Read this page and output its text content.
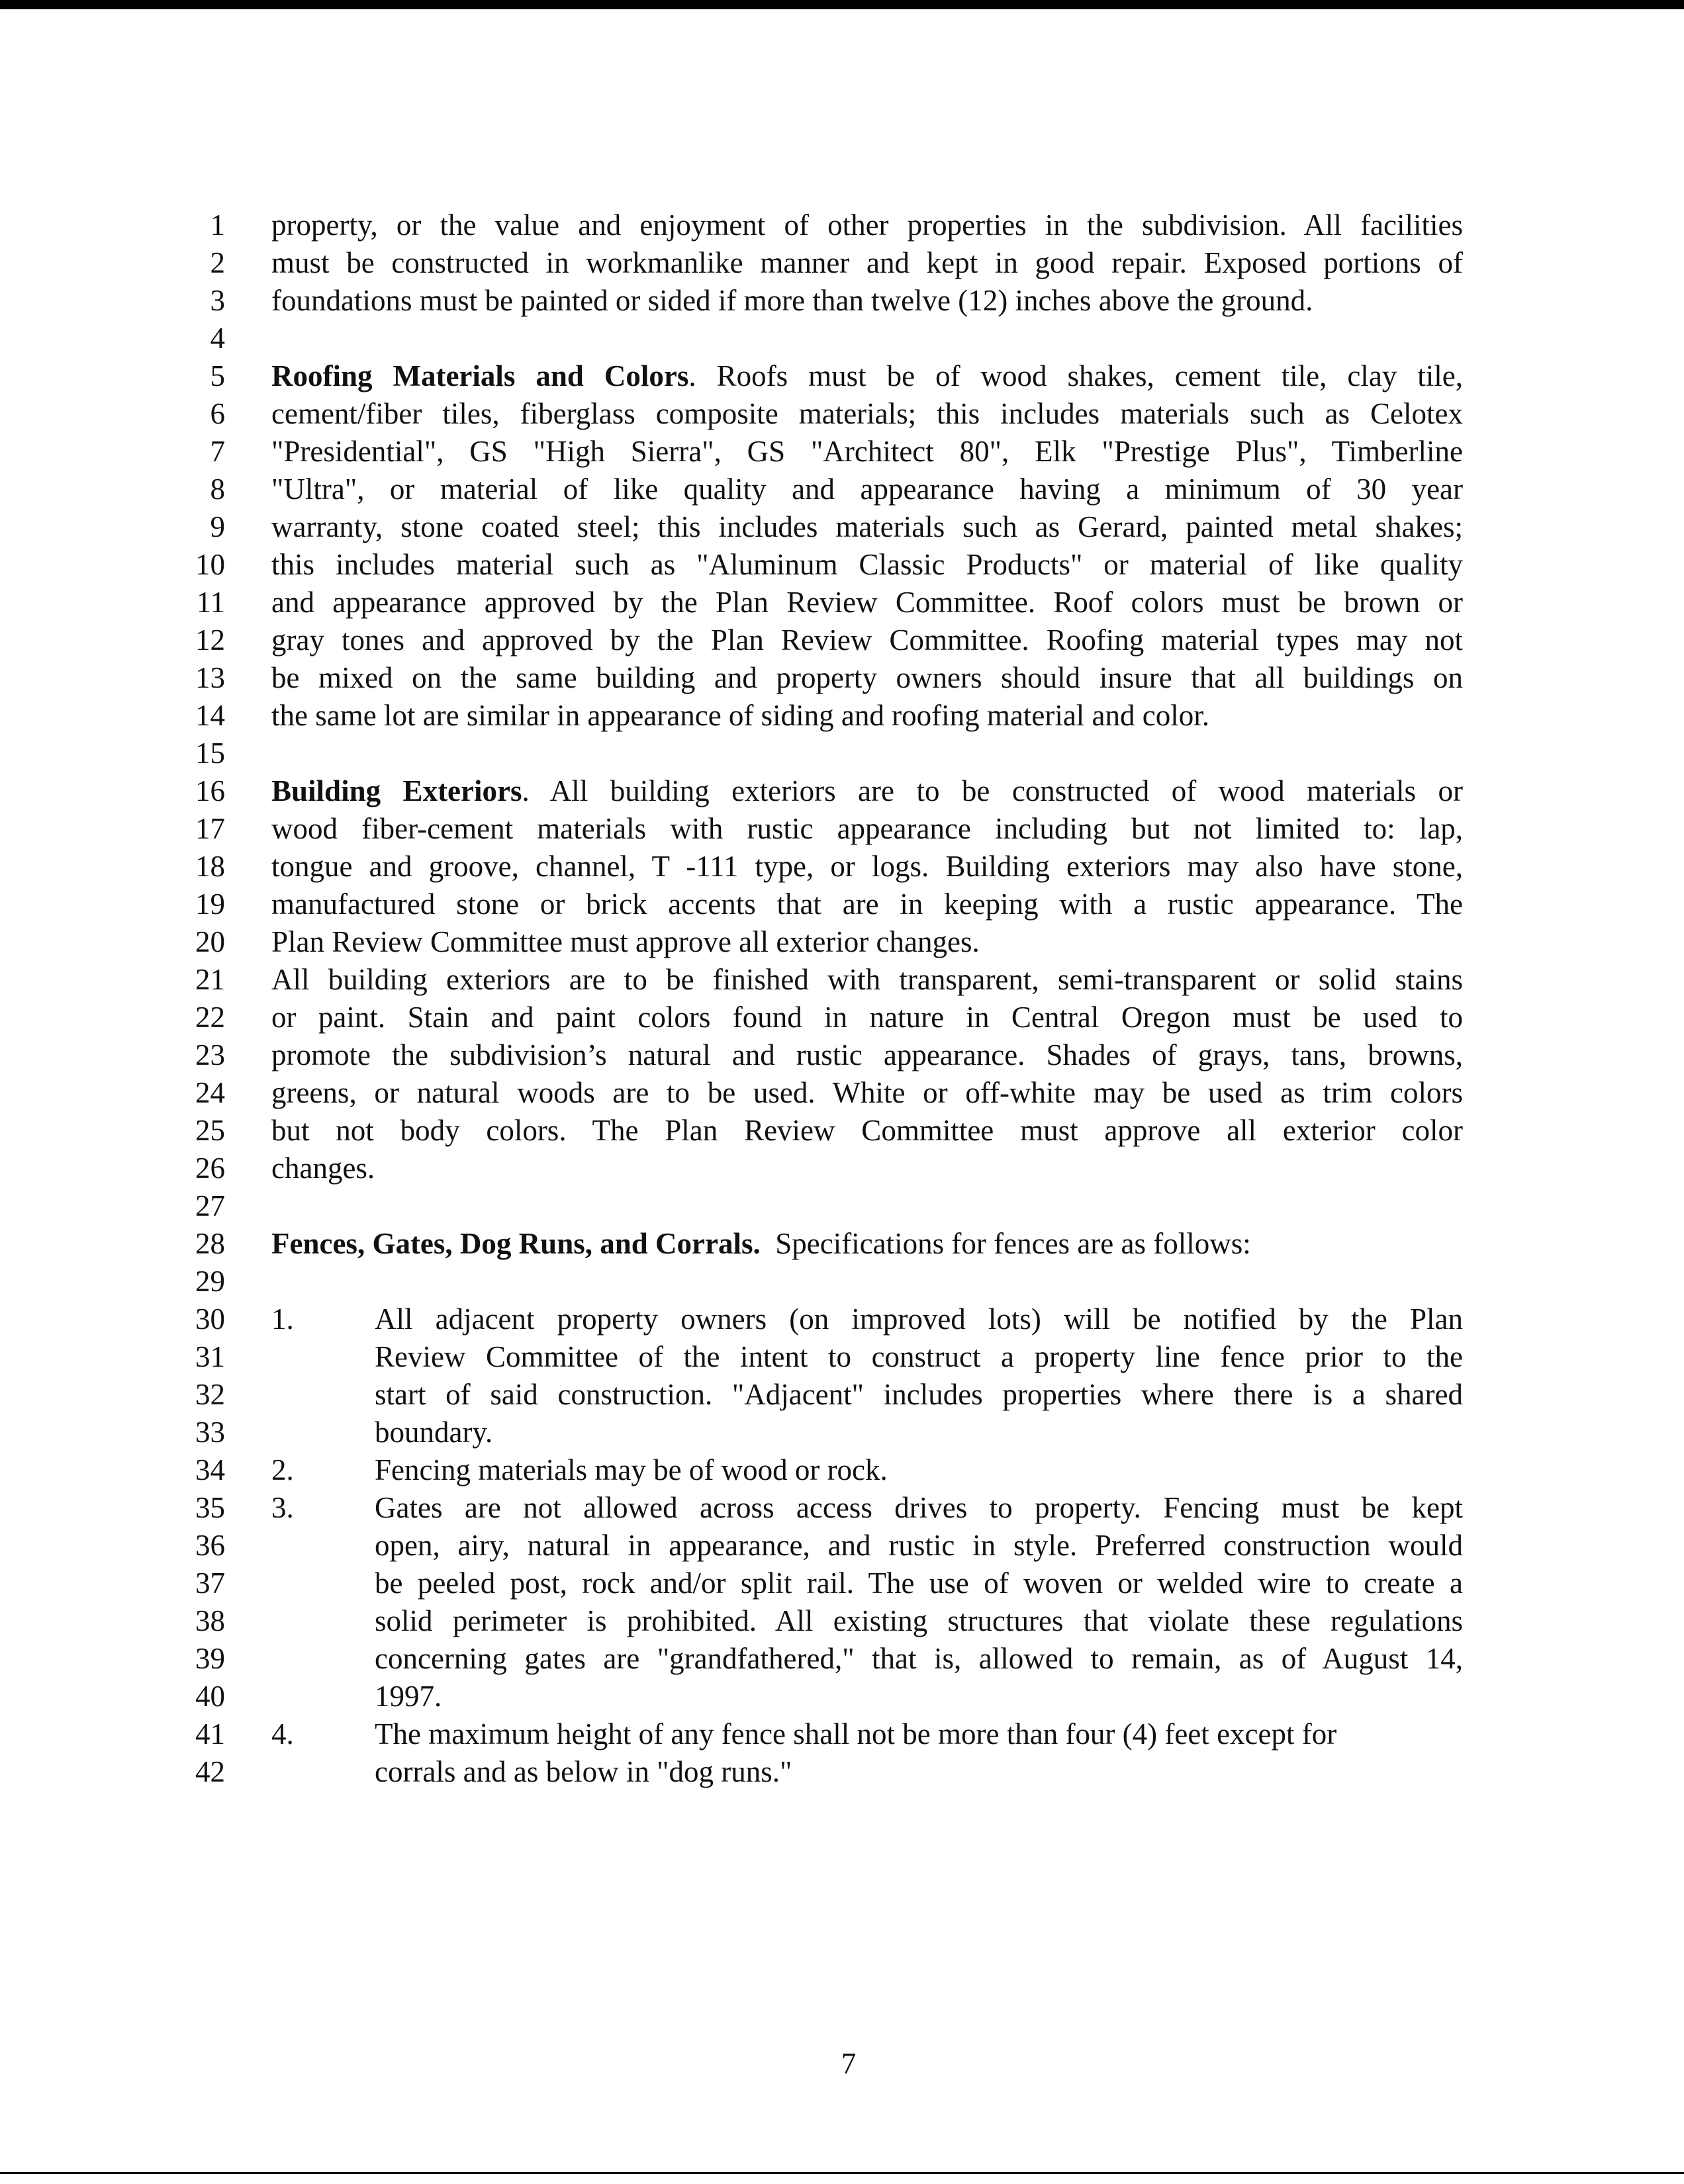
1 property, or the value and enjoyment of other properties in the subdivision. All facilities
2 must be constructed in workmanlike manner and kept in good repair. Exposed portions of
3 foundations must be painted or sided if more than twelve (12) inches above the ground.
4
5 Roofing Materials and Colors. Roofs must be of wood shakes, cement tile, clay tile,
6 cement/fiber tiles, fiberglass composite materials; this includes materials such as Celotex
7 "Presidential", GS "High Sierra", GS "Architect 80", Elk "Prestige Plus", Timberline
8 "Ultra", or material of like quality and appearance having a minimum of 30 year
9 warranty, stone coated steel; this includes materials such as Gerard, painted metal shakes;
10 this includes material such as "Aluminum Classic Products" or material of like quality
11 and appearance approved by the Plan Review Committee. Roof colors must be brown or
12 gray tones and approved by the Plan Review Committee. Roofing material types may not
13 be mixed on the same building and property owners should insure that all buildings on
14 the same lot are similar in appearance of siding and roofing material and color.
15
16 Building Exteriors. All building exteriors are to be constructed of wood materials or
17 wood fiber-cement materials with rustic appearance including but not limited to: lap,
18 tongue and groove, channel, T -111 type, or logs. Building exteriors may also have stone,
19 manufactured stone or brick accents that are in keeping with a rustic appearance. The
20 Plan Review Committee must approve all exterior changes.
21 All building exteriors are to be finished with transparent, semi-transparent or solid stains
22 or paint. Stain and paint colors found in nature in Central Oregon must be used to
23 promote the subdivision’s natural and rustic appearance. Shades of grays, tans, browns,
24 greens, or natural woods are to be used. White or off-white may be used as trim colors
25 but not body colors. The Plan Review Committee must approve all exterior color
26 changes.
27
28 Fences, Gates, Dog Runs, and Corrals.  Specifications for fences are as follows:
29
30 1.	All adjacent property owners (on improved lots) will be notified by the Plan
31	Review Committee of the intent to construct a property line fence prior to the
32	start of said construction. "Adjacent" includes properties where there is a shared
33	boundary.
34 2.	Fencing materials may be of wood or rock.
35 3.	Gates are not allowed across access drives to property. Fencing must be kept
36	open, airy, natural in appearance, and rustic in style. Preferred construction would
37	be peeled post, rock and/or split rail. The use of woven or welded wire to create a
38	solid perimeter is prohibited. All existing structures that violate these regulations
39	concerning gates are "grandfathered," that is, allowed to remain, as of August 14,
40	1997.
41 4.	The maximum height of any fence shall not be more than four (4) feet except for
42	corrals and as below in "dog runs."
7
